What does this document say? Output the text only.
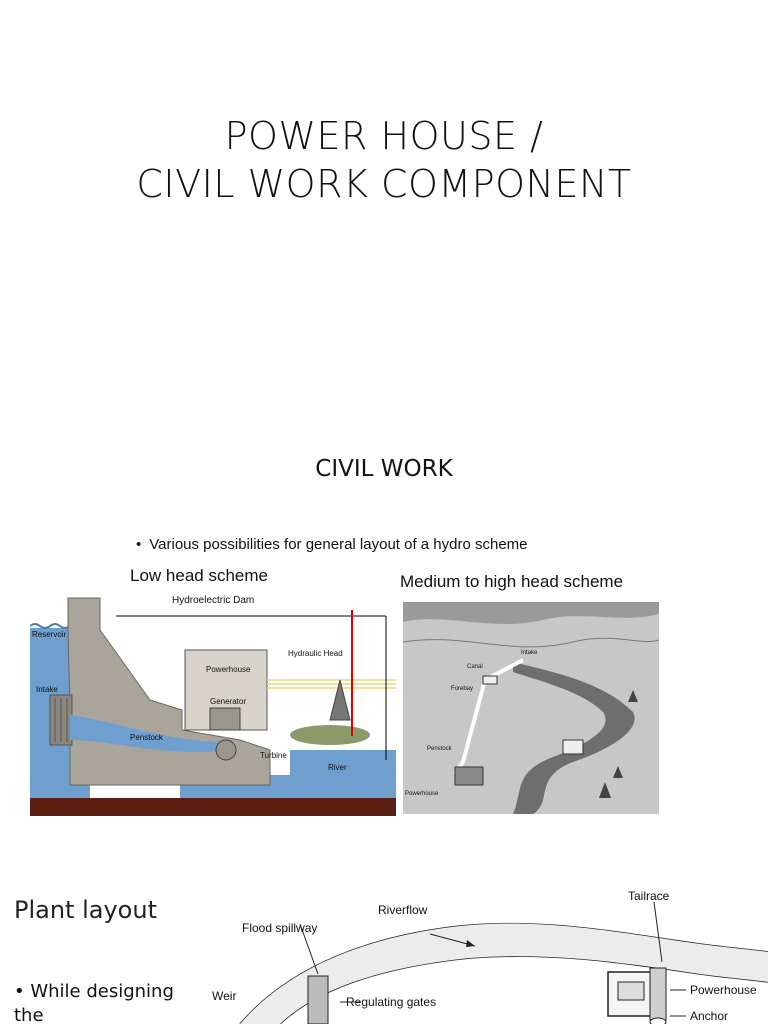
POWER HOUSE /
CIVIL WORK COMPONENT
CIVIL WORK
• Various possibilities for general layout of a hydro scheme
Low head scheme	Medium to high head scheme
Hydroelectric Dam
Reservoir
Intake
Powerhouse
Generator
Penstock
Turbine
Hydraulic Head
River
Canal
Intake
Forebay
Penstock
Powerhouse
Plant layout
• While designing the
Tailrace
Riverflow
Flood spillway
Weir	Regulating gates
Powerhouse
Anchor
